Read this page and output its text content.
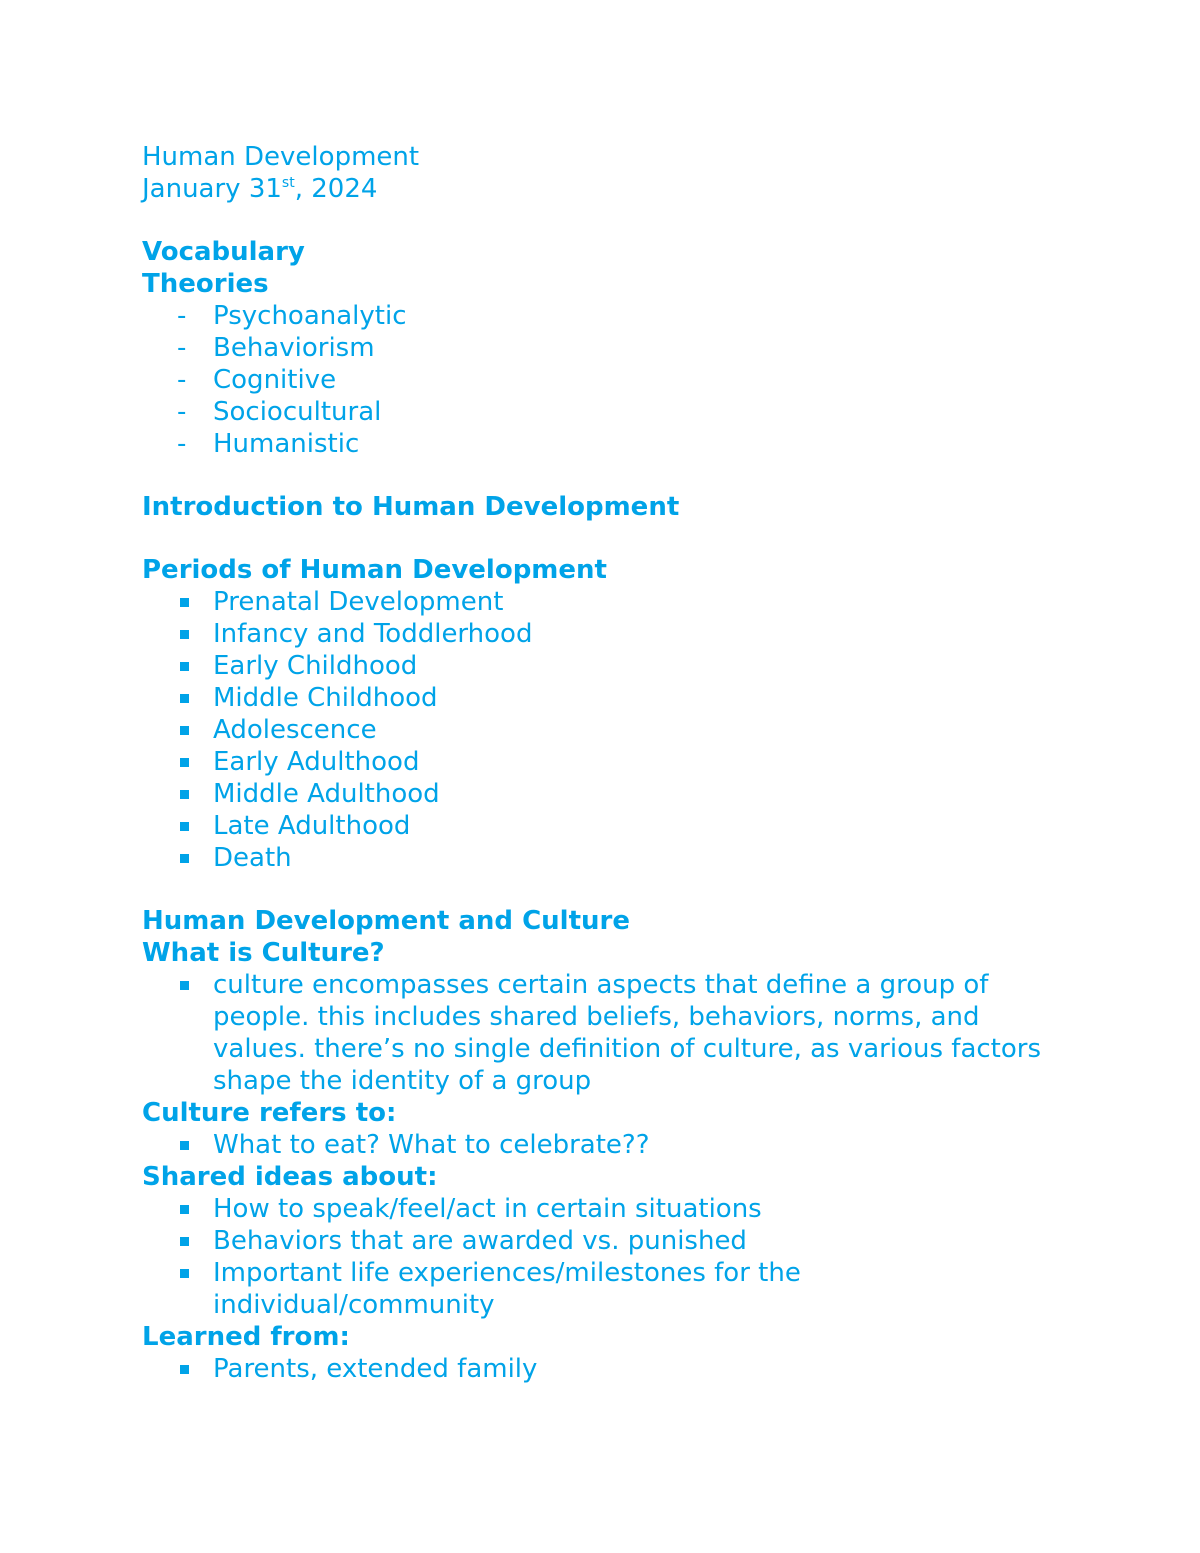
Human Development
January 31st, 2024
Vocabulary
Theories
- Psychoanalytic
- Behaviorism
- Cognitive
- Sociocultural
- Humanistic
Introduction to Human Development
Periods of Human Development
Prenatal Development
Infancy and Toddlerhood
Early Childhood
Middle Childhood
Adolescence
Early Adulthood
Middle Adulthood
Late Adulthood
Death
Human Development and Culture
What is Culture?
culture encompasses certain aspects that define a group of people. this includes shared beliefs, behaviors, norms, and values. there’s no single definition of culture, as various factors shape the identity of a group
Culture refers to:
What to eat? What to celebrate??
Shared ideas about:
How to speak/feel/act in certain situations
Behaviors that are awarded vs. punished
Important life experiences/milestones for the individual/community
Learned from:
Parents, extended family
